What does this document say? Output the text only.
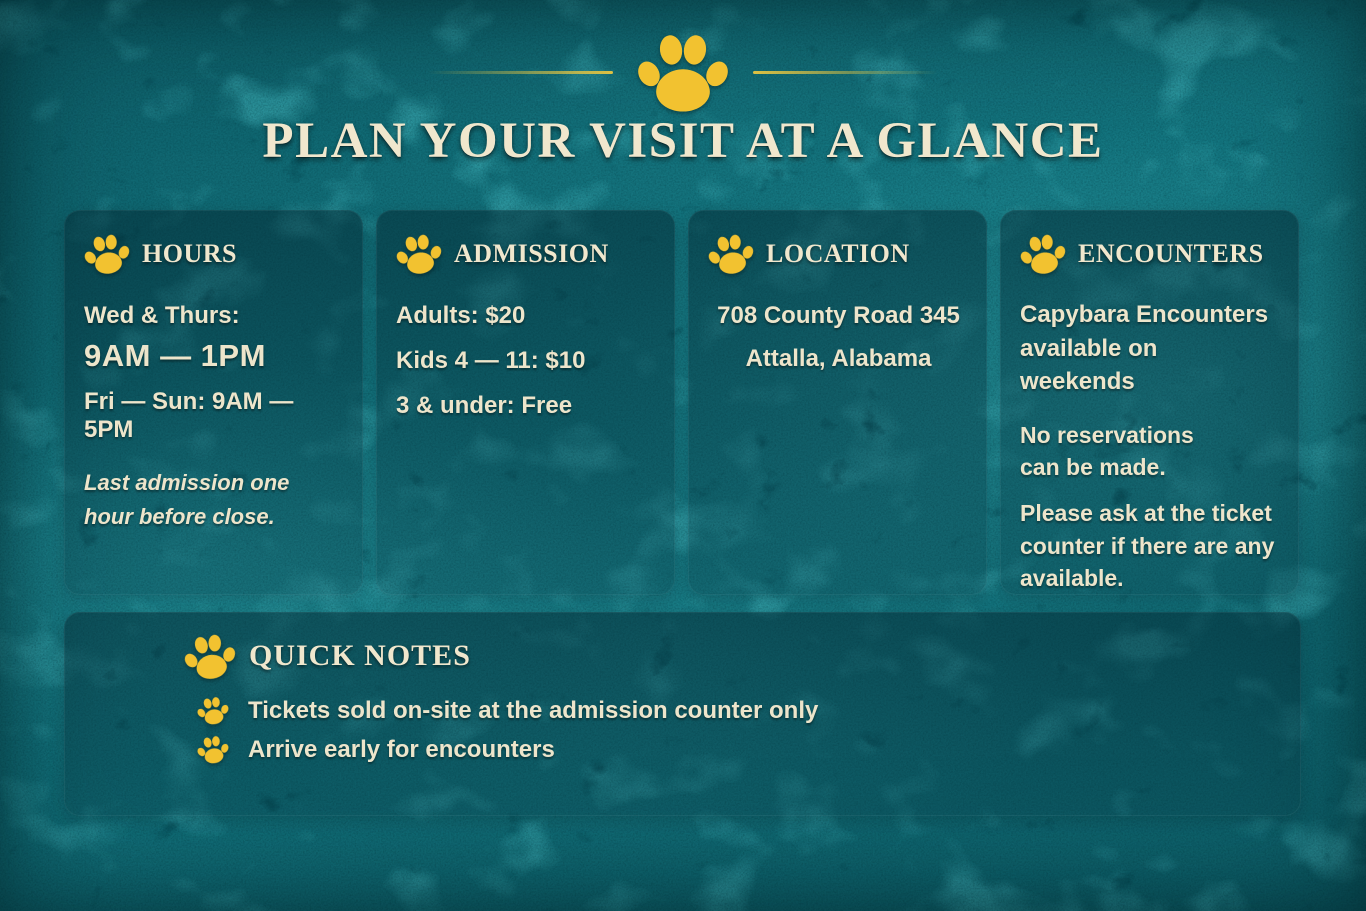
PLAN YOUR VISIT AT A GLANCE
HOURS

Wed & Thurs:

9AM — 1PM

Fri — Sun: 9AM — 5PM

Last admission one hour before close.

ADMISSION

Adults: $20

Kids 4 — 11: $10

3 & under: Free

LOCATION

708 County Road 345

Attalla, Alabama

ENCOUNTERS

Capybara Encounters available on weekends

No reservations can be made.

Please ask at the ticket counter if there are any available.

QUICK NOTES
Tickets sold on-site at the admission counter only
Arrive early for encounters
